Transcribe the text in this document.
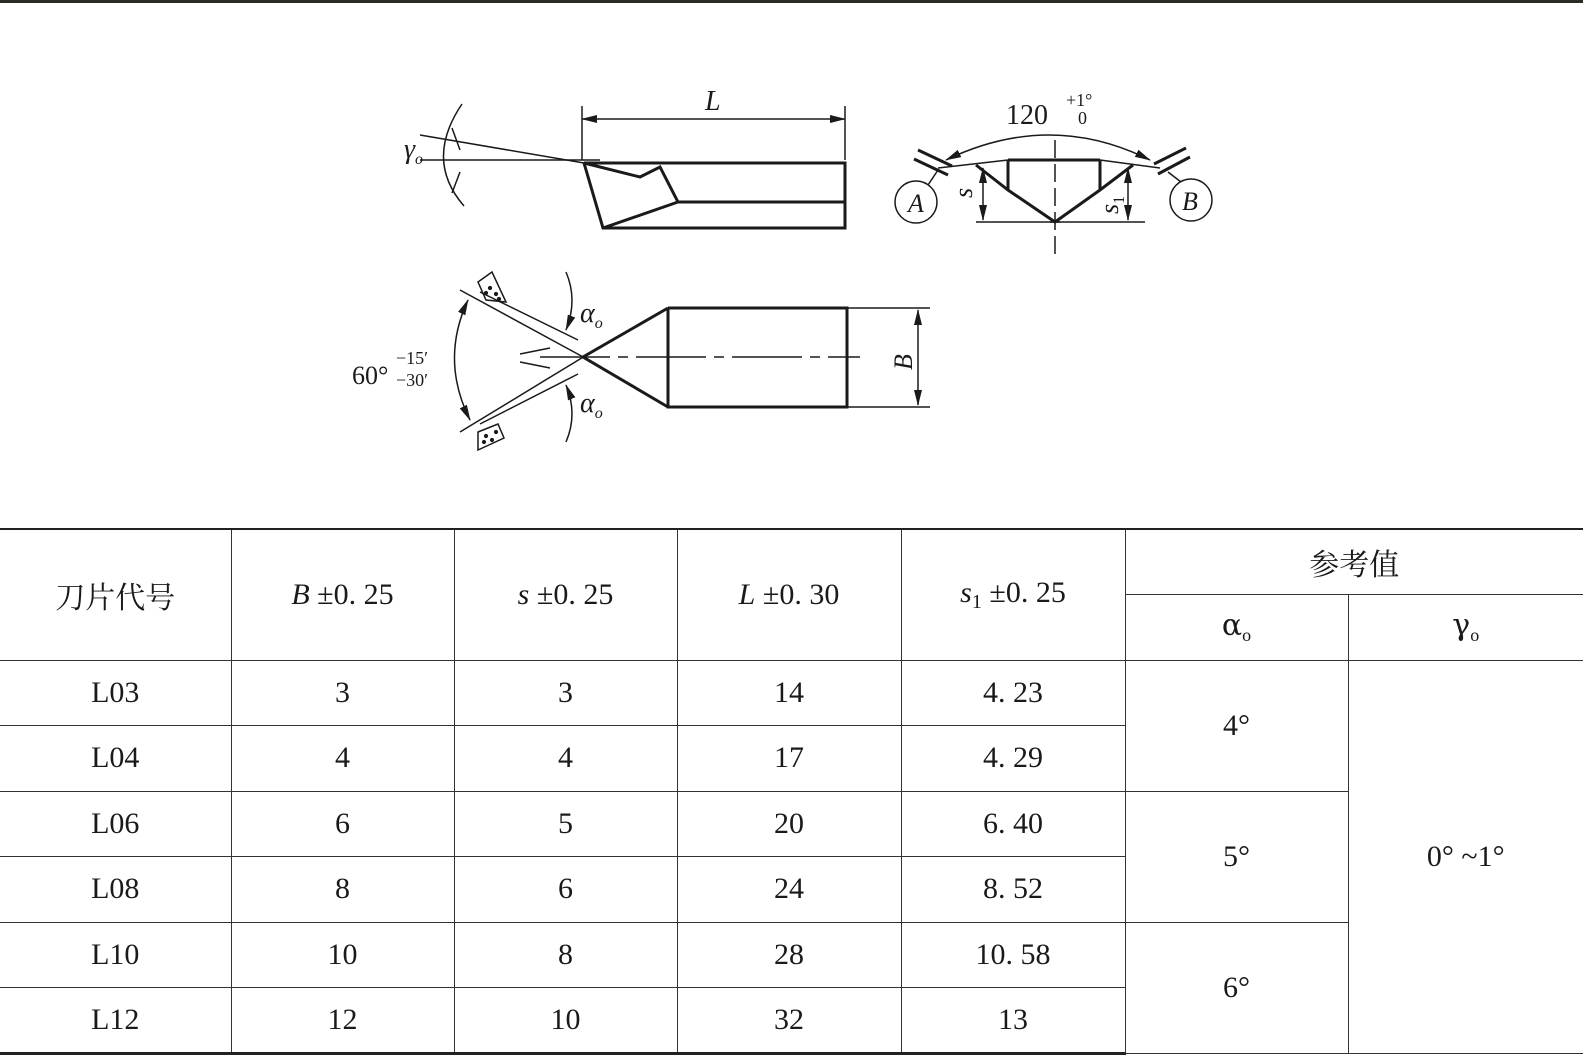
L
$\gamma_o$
120 +1°
0
A	B
s
$s_1$
$\alpha_o$
$\alpha_o$
60°
−15′
−30′
B
刀片代号	B ±0. 25	s ±0. 25	L ±0. 30	$s_1 \pm 0$. 25	参考值	
					$\alpha_o$	$\gamma_o$
L03	3	3	14	4. 23	4°	0° ~1°
L04	4	4	17	4. 29		
L06	6	5	20	6. 40	5°	
L08	8	6	24	8. 52		
L10	10	8	28	10. 58	6°	
L12	12	10	32	13		
